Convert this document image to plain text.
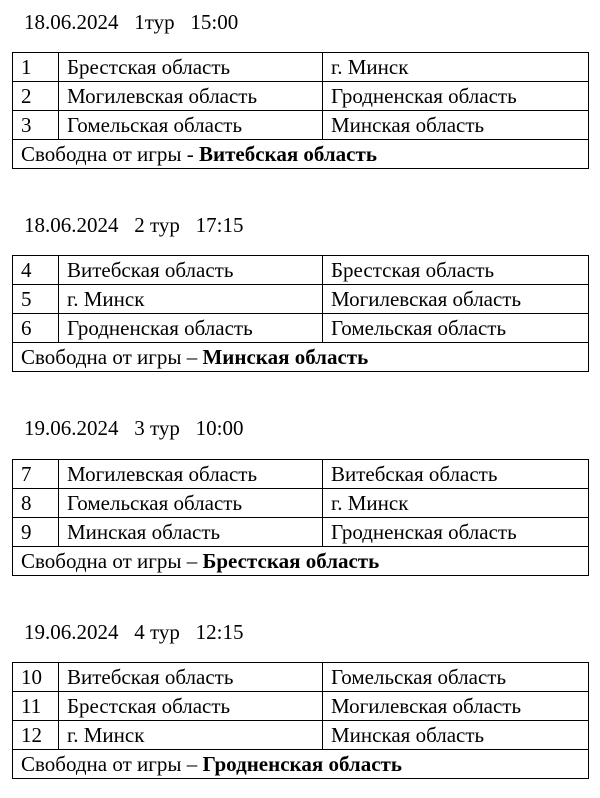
18.06.2024 1тур 15:00
1	Брестская область	г. Минск
2	Могилевская область	Гродненская область
3	Гомельская область	Минская область
Свободна от игры - Витебская область		
18.06.2024 2 тур 17:15
4	Витебская область	Брестская область
5	г. Минск	Могилевская область
6	Гродненская область	Гомельская область
Свободна от игры – Минская область		
19.06.2024 3 тур 10:00
7	Могилевская область	Витебская область
8	Гомельская область	г. Минск
9	Минская область	Гродненская область
Свободна от игры – Брестская область		
19.06.2024 4 тур 12:15
10	Витебская область	Гомельская область
11	Брестская область	Могилевская область
12	г. Минск	Минская область
Свободна от игры – Гродненская область		
